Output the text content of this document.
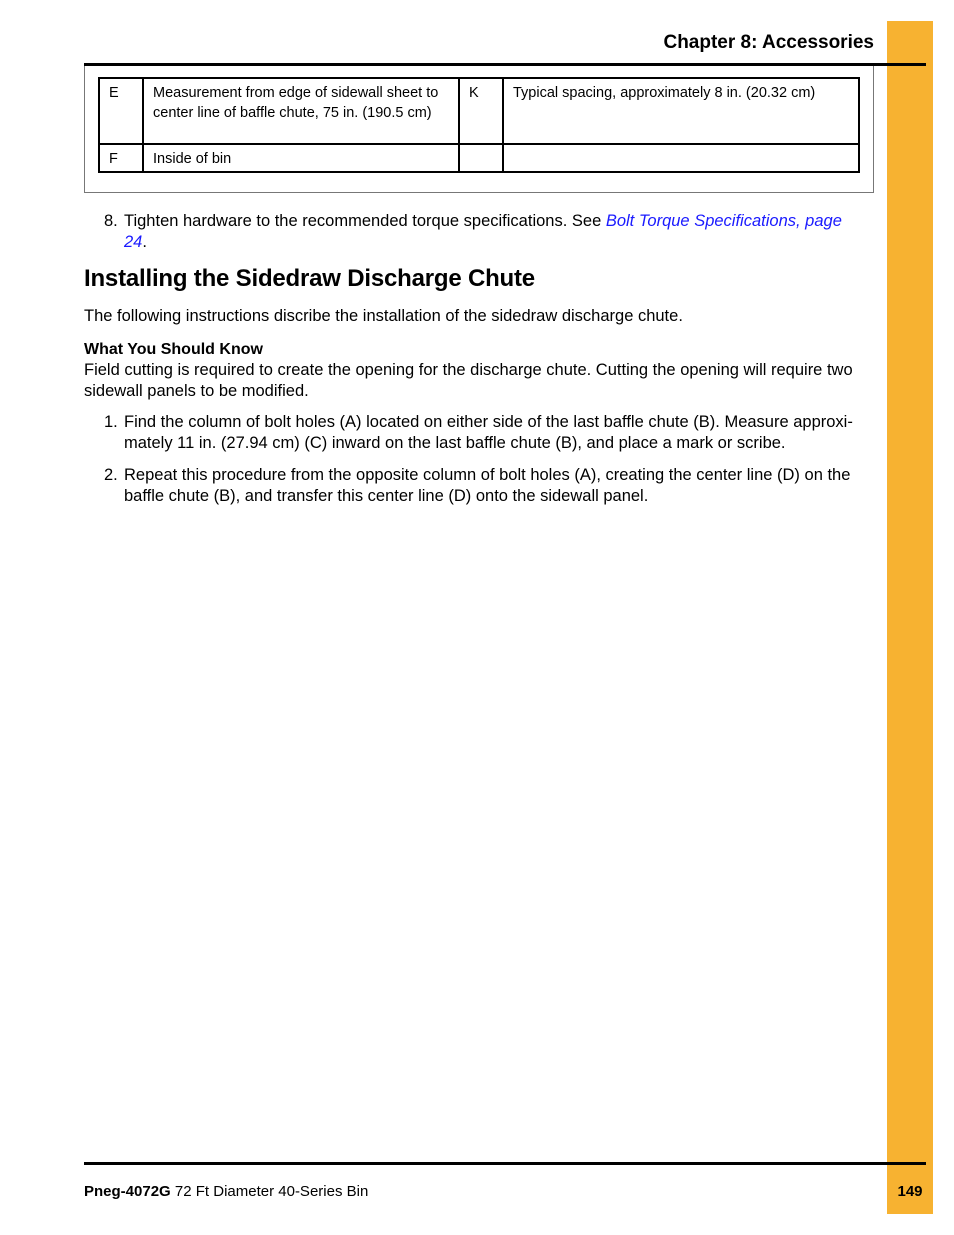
Chapter 8: Accessories
E	Measurement from edge of sidewall sheet to center line of baffle chute, 75 in. (190.5 cm)	K	Typical spacing, approximately 8 in. (20.32 cm)
F	Inside of bin		
8. Tighten hardware to the recommended torque specifications. See Bolt Torque Specifications, page 24.
Installing the Sidedraw Discharge Chute
The following instructions discribe the installation of the sidedraw discharge chute.
What You Should Know
Field cutting is required to create the opening for the discharge chute. Cutting the opening will require two sidewall panels to be modified.
1. Find the column of bolt holes (A) located on either side of the last baffle chute (B). Measure approxi- mately 11 in. (27.94 cm) (C) inward on the last baffle chute (B), and place a mark or scribe.
2. Repeat this procedure from the opposite column of bolt holes (A), creating the center line (D) on the baffle chute (B), and transfer this center line (D) onto the sidewall panel.
Pneg-4072G 72 Ft Diameter 40-Series Bin	149
